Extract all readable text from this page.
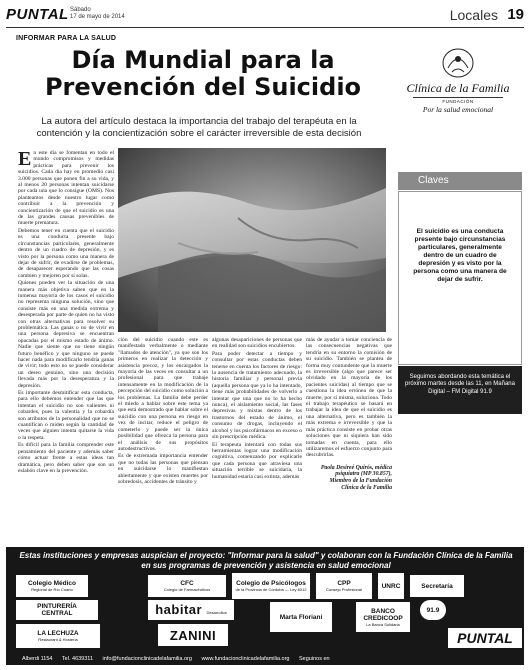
PUNTAL Sábado
17 de mayo de 2014	Locales 19
INFORMAR PARA LA SALUD
Día Mundial para la Prevención del Suicidio
La autora del artículo destaca la importancia del trabajo del terapéuta en la contención y la concientización sobre el carácter irreversible de esta decisión
Clínica de la Familia
FUNDACIÓN
Por la salud emocional

En este día se fomentan en todo el mundo compromisos y medidas prácticas para prevenir los suicidios. Cada día hay en promedio casi 3.000 personas que ponen fin a su vida, y al menos 20 personas intentan suicidarse por cada una que lo consigue (OMS). Nos planteamos desde nuestro lugar como contribuir a la prevención y concientización de que el suicidio es una de las grandes causas prevenibles de muerte prematura.

Debemos tener en cuenta que el suicidio es una conducta presente bajo circunstancias particulares, generalmente dentro de un cuadro de depresión, y es visto por la persona como una manera de dejar de sufrir, de evadirse de problemas, de desaparecer esperando que las cosas cambien y mejoren por sí solas.

Quienes pueden ver la situación de una manera más objetiva saben que en la inmensa mayoría de los casos el suicidio no representa ninguna solución, sino que consiste más en una medida extrema y desesperada por parte de quien no ha visto con otras alternativas para resolver su problemática. Las ganas o no de vivir en una persona depresiva se encuentran opacadas por el mismo estado de ánimo. Nadie que siente que no tiene ningún futuro benéfico y que ninguno se puede hacer nada para modificarlo tendría ganas de vivir; todo esto no se puede considerar un deseo genuino, sino una decisión llevada más por la desesperanza y la depresión.

Es importante desmitificar esta conducta, para ello debemos entender que las que intentan el suicidio no son valientes ni cobardes, pues la valentía y la cobardía son atributos de la personalidad que no se cuantifican o miden según la cantidad de veces que alguien intenta quitarse la vida o la respeta.

Es difícil para la familia comprender este pensamiento del paciente y además saber cómo actuar frente a estas ideas tan dramática, pero deben saber que son un eslabón clave en la prevención.

ción del suicidio cuando este es manifestado verbalmente o mediante "llamados de atención", ya que son los primeros en realizar la detección y asistencia precoz, y los encargados la mayoría de las veces en consultar a un profesional para que trabaje intensamente en la modificación de la percepción del suicidio como solución a los problemas. La familia debe perder el miedo a hablar sobre este tema ya que está demostrado que hablar sobre el suicidio con una persona en riesgo en vez de incitar, reduce el peligro de cometerlo y puede ser la única posibilidad que ofrezca la persona para el análisis de sus propósitos autodestructivos.

Es de extremada importancia entender que no todas las personas que piensan en suicidarse lo manifiestan abiertamente y que existen muertes por sobredosis, accidentes de tránsito y

algunas desapariciones de personas que en realidad son suicidios encubiertos.

Para poder detectar a tiempo y consultar por estas conductas deben tenerse en cuenta los factores de riesgo: la ausencia de tratamiento adecuado, la historia familiar y personal previa (aquella persona que ya lo ha intentado, tiene más probabilidades de volverlo a intentar que una que no lo ha hecho nunca), el aislamiento social, las fases depresivas y mixtas dentro de los trastornos del estado de ánimo, el consumo de drogas, incluyendo el alcohol y los psicofármacos en exceso o sin prescripción médica.

El terapeuta intentará con todas sus herramientas lograr una modificación cognitiva, comenzando por explicarle que cada persona que atraviesa una situación terrible se suicidaría, la humanidad estaría casi extinta, además

más de ayudar a tomar conciencia de las consecuencias negativas que tendría en su entorno la comisión de su suicidio. También se plantea de forma muy contundente que la muerte es irreversible (algo que parece ser olvidado en la mayoría de los pacientes suicidas) al tiempo que se cuestiona la idea errónea de que la muerte, por sí misma, soluciona. Todo el trabajo terapéutico se basará en trabajar la idea de que el suicidio es una alternativa, pero es también la más extrema e irreversible y que la más práctica consiste en probar otras soluciones que ni siquiera han sido tomadas en cuenta, para ello utilizaremos el esfuerzo conjunto para descubrirlas.

Paola Desireé Quirós, médica
psiquiatra (MP 30.857),
Miembro de la Fundación
Clínica de la Familia
Claves
El suicidio es una conducta presente bajo circunstancias particulares, generalmente dentro de un cuadro de depresión y es visto por la persona como una manera de dejar de sufrir.
Seguimos abordando esta temática el próximo martes desde las 11, en Mañana Digital – FM Digital 91.9
Estas instituciones y empresas auspician el proyecto: "Informar para la salud" y colaboran con la Fundación Clínica de la Familia en sus programas de prevención y asistencia en salud emocional
Colegio Médico
Regional de Río Cuarto
CFC
Colegio de Farmacéuticos
Colegio de Psicólogos
de la Provincia de Córdoba — Ley 8312
CPP
Consejo Profesional	UNRC	Secretaría
PINTURERÍA
CENTRAL	habitar Desarrollos
Marta Floriani
LA LECHUZA
Restaurant & Hostería	ZANINI
BANCO CREDICOOP
La Banca Solidaria
91.9
PUNTAL
Alberdi 1154 Tel. 4639311 info@fundacionclinicadelafamilia.org www.fundacionclinicadelafamilia.org Seguinos en
